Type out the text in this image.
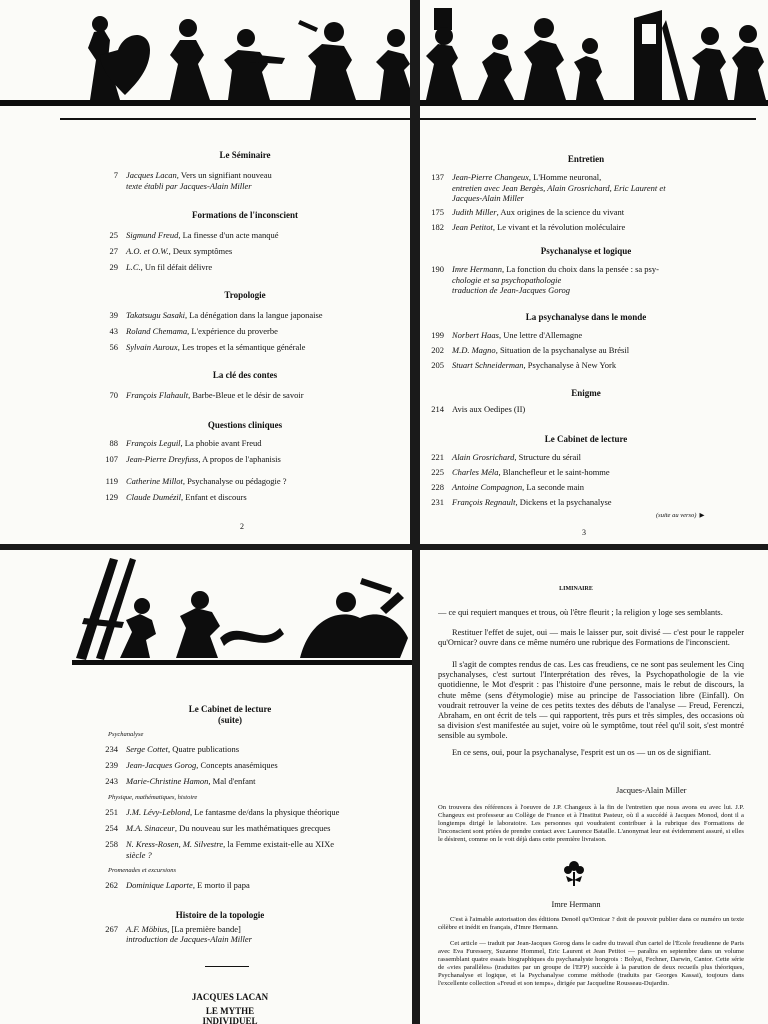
Le Séminaire
7 Jacques Lacan, Vers un signifiant nouveau
texte établi par Jacques-Alain Miller
Formations de l'inconscient
25 Sigmund Freud, La finesse d'un acte manqué
27 A.O. et O.W., Deux symptômes
29 L.C., Un fil défait délivre
Tropologie
39 Takatsugu Sasaki, La dénégation dans la langue japonaise
43 Roland Chemama, L'expérience du proverbe
56 Sylvain Auroux, Les tropes et la sémantique générale
La clé des contes
70 François Flahault, Barbe-Bleue et le désir de savoir
Questions cliniques
88 François Leguil, La phobie avant Freud
107 Jean-Pierre Dreyfuss, A propos de l'aphanisis
119 Catherine Millot, Psychanalyse ou pédagogie ?
129 Claude Dumézil, Enfant et discours
2
Entretien
137 Jean-Pierre Changeux, L'Homme neuronal,
entretien avec Jean Bergès, Alain Grosrichard, Eric Laurent et
Jacques-Alain Miller
175 Judith Miller, Aux origines de la science du vivant
182 Jean Petitot, Le vivant et la révolution moléculaire
Psychanalyse et logique
190 Imre Hermann, La fonction du choix dans la pensée : sa psy-
chologie et sa psychopathologie
traduction de Jean-Jacques Gorog
La psychanalyse dans le monde
199 Norbert Haas, Une lettre d'Allemagne
202 M.D. Magno, Situation de la psychanalyse au Brésil
205 Stuart Schneiderman, Psychanalyse à New York
Enigme
214 Avis aux Oedipes (II)
Le Cabinet de lecture
221 Alain Grosrichard, Structure du sérail
225 Charles Méla, Blanchefleur et le saint-homme
228 Antoine Compagnon, La seconde main
231 François Regnault, Dickens et la psychanalyse
(suite au verso) ▶
3
Le Cabinet de lecture
(suite)
Psychanalyse
234 Serge Cottet, Quatre publications
239 Jean-Jacques Gorog, Concepts anasémiques
243 Marie-Christine Hamon, Mal d'enfant
Physique, mathématiques, histoire
251 J.M. Lévy-Leblond, Le fantasme de/dans la physique théorique
254 M.A. Sinaceur, Du nouveau sur les mathématiques grecques
258 N. Kress-Rosen, M. Silvestre, la Femme existait-elle au XIXe
siècle ?
Promenades et excursions
262 Dominique Laporte, E morto il papa
Histoire de la topologie
267 A.F. Möbius, [La première bande]
introduction de Jacques-Alain Miller
JACQUES LACAN
LE MYTHE
INDIVIDUEL
LIMINAIRE
— ce qui requiert manques et trous, où l'être fleurit ; la religion y loge ses semblants.
Restituer l'effet de sujet, oui — mais le laisser pur, soit divisé — c'est pour le rappeler qu'Ornicar? ouvre dans ce même numéro une rubrique des Formations de l'inconscient.
Il s'agit de comptes rendus de cas. Les cas freudiens, ce ne sont pas seulement les Cinq psychanalyses, c'est surtout l'Interprétation des rêves, la Psychopathologie de la vie quotidienne, le Mot d'esprit : pas l'histoire d'une personne, mais le rebut de discours, la chute même (sens d'étymologie) mise au principe de l'association libre (Einfall). On voudrait retrouver la veine de ces petits textes des débuts de l'analyse — Freud, Ferenczi, Abraham, en ont écrit de tels — qui rapportent, très purs et très simples, des occasions où sa division s'est manifestée au sujet, voire où le symptôme, tout réel qu'il soit, s'est montré sensible au symbole.
En ce sens, oui, pour la psychanalyse, l'esprit est un os — un os de signifiant.
Jacques-Alain Miller
On trouvera des références à l'oeuvre de J.P. Changeux à la fin de l'entretien que nous avons eu avec lui. J.P. Changeux est professeur au Collège de France et à l'Institut Pasteur, où il a succédé à Jacques Monod, dont il a longtemps dirigé le laboratoire. Les personnes qui voudraient contribuer à la rubrique des Formations de l'inconscient sont priées de prendre contact avec Laurence Bataille. L'anonymat leur est évidemment assuré, si elles le désirent, comme on le voit déjà dans cette première livraison.
Imre Hermann
C'est à l'aimable autorisation des éditions Denoël qu'Ornicar ? doit de pouvoir publier dans ce numéro un texte célèbre et inédit en français, d'Imre Hermann.
Cet article — traduit par Jean-Jacques Gorog dans le cadre du travail d'un cartel de l'École freudienne de Paris avec Eva Furessery, Suzanne Hommel, Eric Laurent et Jean Petitot — paraîtra en septembre dans un volume rassemblant quatre essais biographiques du psychanalyste hongrois : Bolyai, Fechner, Darwin, Cantor. Cette série de «vies parallèles» (traduites par un groupe de l'EFP) succède à la parution de deux recueils plus théoriques, Psychanalyse et logique, et la Psychanalyse comme méthode (traduits par Georges Kassai), toujours dans l'excellente collection «Freud et son temps», dirigée par Jacqueline Rousseau-Dujardin.
